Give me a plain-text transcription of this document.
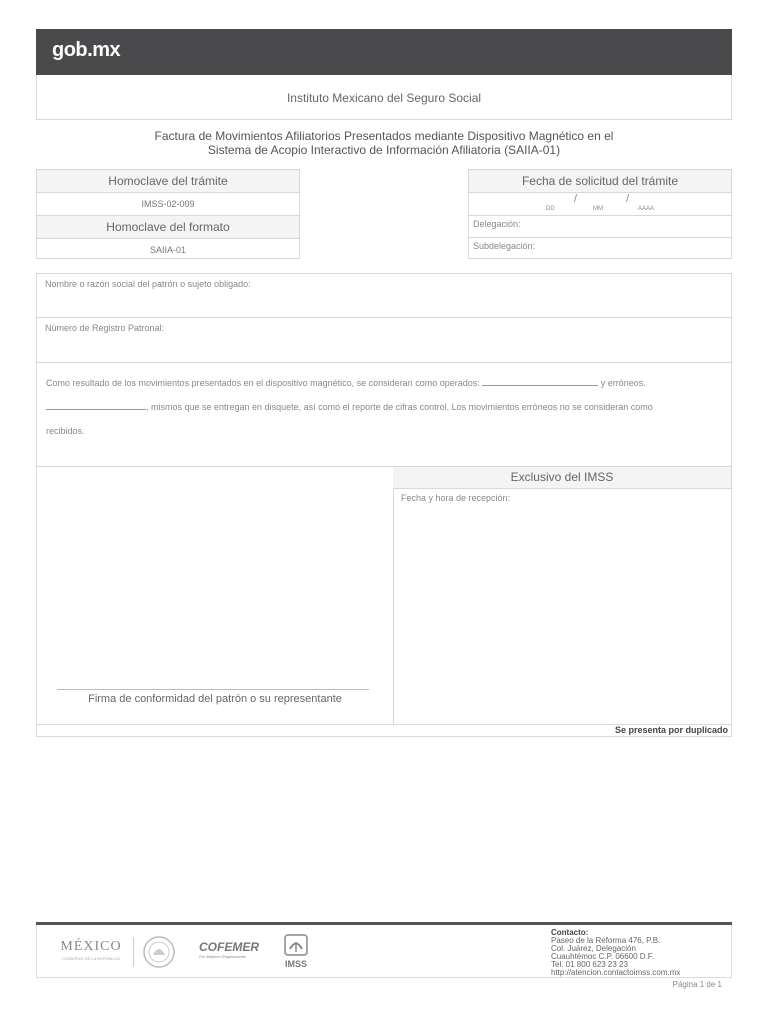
gob.mx
Instituto Mexicano del Seguro Social
Factura de Movimientos Afiliatorios Presentados mediante Dispositivo Magnético en el
Sistema de Acopio Interactivo de Información Afiliatoria (SAIIA-01)
Homoclave del trámite
IMSS-02-009
Homoclave del formato
SAIIA-01
Fecha de solicitud del trámite
/	/
DD	MM	AAAA
Delegación:
Subdelegación:
Nombre o razón social del patrón o sujeto obligado:
Número de Registro Patronal:
Como resultado de los movimientos presentados en el dispositivo magnético, se consideran como operados:	y erróneos.
, mismos que se entregan en disquete, así como el reporte de cifras control. Los movimientos erróneos no se consideran como
recibidos.
Firma de conformidad del patrón o su representante
Exclusivo del IMSS
Fecha y hora de recepción:
Se presenta por duplicado
MÉXICO
GOBIERNO DE LA REPÚBLICA
COFEMER
Por Mejores Regulaciones
IMSS
Contacto:
Paseo de la Reforma 476, P.B.
Col. Juárez, Delegación
Cuauhtémoc C.P. 06600 D.F.
Tel. 01 800 623 23 23
http://atencion.contactoimss.com.mx
Página 1 de 1
